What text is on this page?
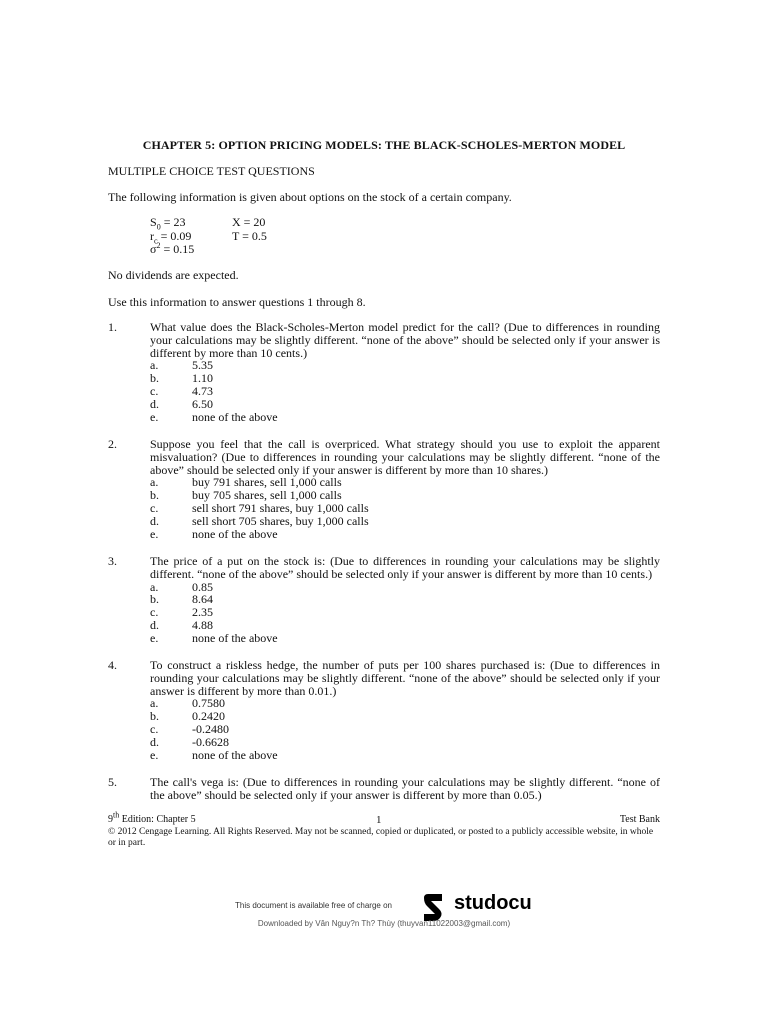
CHAPTER 5: OPTION PRICING MODELS: THE BLACK-SCHOLES-MERTON MODEL
MULTIPLE CHOICE TEST QUESTIONS
The following information is given about options on the stock of a certain company.
$S_0 = 23$	X = 20
$r_c = 0.09$	T = 0.5
$\sigma^2 = 0.15$
No dividends are expected.
Use this information to answer questions 1 through 8.
1.	What value does the Black-Scholes-Merton model predict for the call? (Due to differences in rounding your calculations may be slightly different. “none of the above” should be selected only if your answer is different by more than 10 cents.)
a.	5.35
b.	1.10
c.	4.73
d.	6.50
e.	none of the above
2.	Suppose you feel that the call is overpriced. What strategy should you use to exploit the apparent misvaluation? (Due to differences in rounding your calculations may be slightly different. “none of the above” should be selected only if your answer is different by more than 10 shares.)
a.	buy 791 shares, sell 1,000 calls
b.	buy 705 shares, sell 1,000 calls
c.	sell short 791 shares, buy 1,000 calls
d.	sell short 705 shares, buy 1,000 calls
e.	none of the above
3.	The price of a put on the stock is: (Due to differences in rounding your calculations may be slightly different. “none of the above” should be selected only if your answer is different by more than 10 cents.)
a.	0.85
b.	8.64
c.	2.35
d.	4.88
e.	none of the above
4.	To construct a riskless hedge, the number of puts per 100 shares purchased is: (Due to differences in rounding your calculations may be slightly different. “none of the above” should be selected only if your answer is different by more than 0.01.)
a.	0.7580
b.	0.2420
c.	-0.2480
d.	-0.6628
e.	none of the above
5.	The call's vega is: (Due to differences in rounding your calculations may be slightly different. “none of the above” should be selected only if your answer is different by more than 0.05.)
9th Edition: Chapter 5	1	Test Bank
© 2012 Cengage Learning. All Rights Reserved. May not be scanned, copied or duplicated, or posted to a publicly accessible website, in whole or in part.
This document is available free of charge on	studocu
Downloaded by Vân Nguy?n Th? Thùy (thuyvan11022003@gmail.com)
